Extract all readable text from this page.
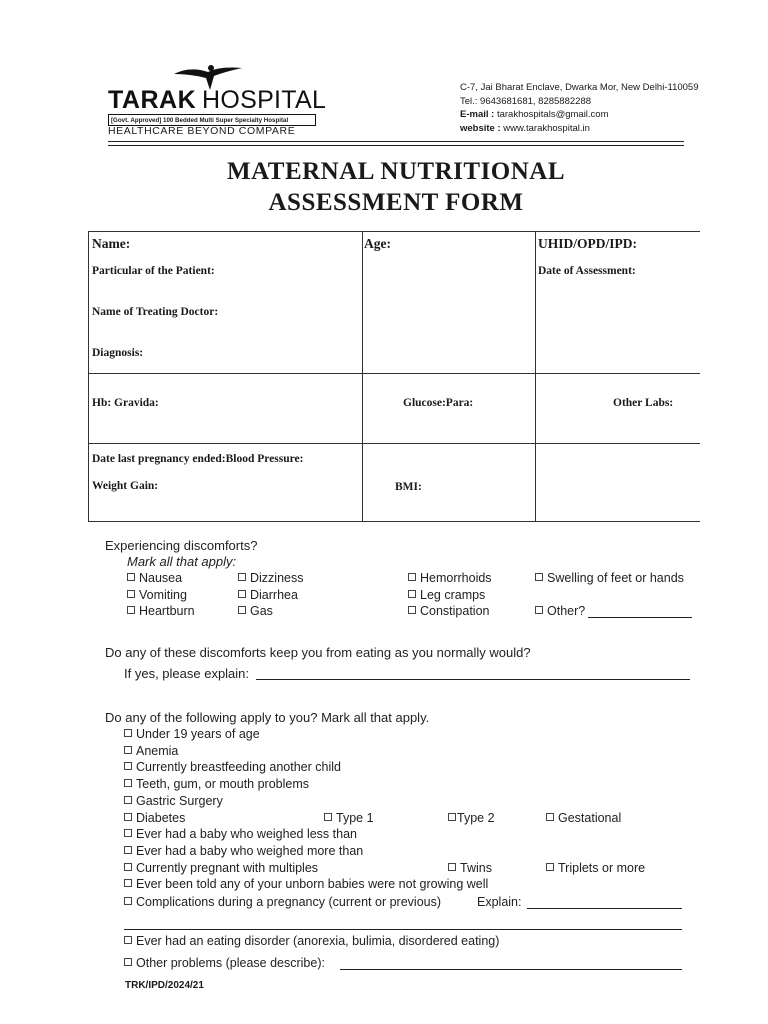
TARAK HOSPITAL
[Govt. Approved] 100 Bedded Multi Super Specialty Hospital
HEALTHCARE BEYOND COMPARE
C-7, Jai Bharat Enclave, Dwarka Mor, New Delhi-110059
Tel.: 9643681681, 8285882288
E-mail : tarakhospitals@gmail.com
website : www.tarakhospital.in
MATERNAL NUTRITIONAL
ASSESSMENT FORM
Name:	Age:	UHID/OPD/IPD:
Particular of the Patient:	Date of Assessment:
Name of Treating Doctor:
Diagnosis:
Hb: Gravida:	Glucose:Para:	Other Labs:
Date last pregnancy ended:Blood Pressure:
Weight Gain:	BMI:
Experiencing discomforts?
Mark all that apply:
Nausea
Vomiting
Heartburn
Dizziness
Diarrhea
Gas
Hemorrhoids
Leg cramps
Constipation
Swelling of feet or hands
Other?
Do any of these discomforts keep you from eating as you normally would?
If yes, please explain:
Do any of the following apply to you? Mark all that apply.
Under 19 years of age
Anemia
Currently breastfeeding another child
Teeth, gum, or mouth problems
Gastric Surgery
Diabetes	Type 1	Type 2	Gestational
Ever had a baby who weighed less than
Ever had a baby who weighed more than
Currently pregnant with multiples	Twins	Triplets or more
Ever been told any of your unborn babies were not growing well
Complications during a pregnancy (current or previous)	Explain:
Ever had an eating disorder (anorexia, bulimia, disordered eating)
Other problems (please describe):
TRK/IPD/2024/21
